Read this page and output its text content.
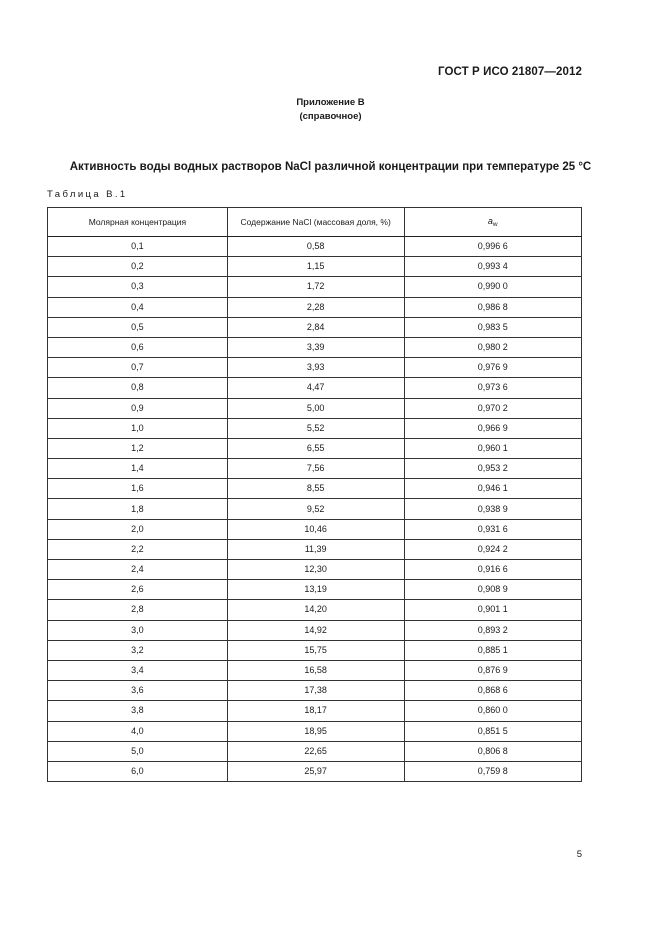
ГОСТ Р ИСО 21807—2012
Приложение В
(справочное)
Активность воды водных растворов NaCl различной концентрации при температуре 25 °С
Таблица В.1
Молярная концентрация	Содержание NaCl (массовая доля, %)	$a_w$
0,1	0,58	0,996 6
0,2	1,15	0,993 4
0,3	1,72	0,990 0
0,4	2,28	0,986 8
0,5	2,84	0,983 5
0,6	3,39	0,980 2
0,7	3,93	0,976 9
0,8	4,47	0,973 6
0,9	5,00	0,970 2
1,0	5,52	0,966 9
1,2	6,55	0,960 1
1,4	7,56	0,953 2
1,6	8,55	0,946 1
1,8	9,52	0,938 9
2,0	10,46	0,931 6
2,2	11,39	0,924 2
2,4	12,30	0,916 6
2,6	13,19	0,908 9
2,8	14,20	0,901 1
3,0	14,92	0,893 2
3,2	15,75	0,885 1
3,4	16,58	0,876 9
3,6	17,38	0,868 6
3,8	18,17	0,860 0
4,0	18,95	0,851 5
5,0	22,65	0,806 8
6,0	25,97	0,759 8
5
